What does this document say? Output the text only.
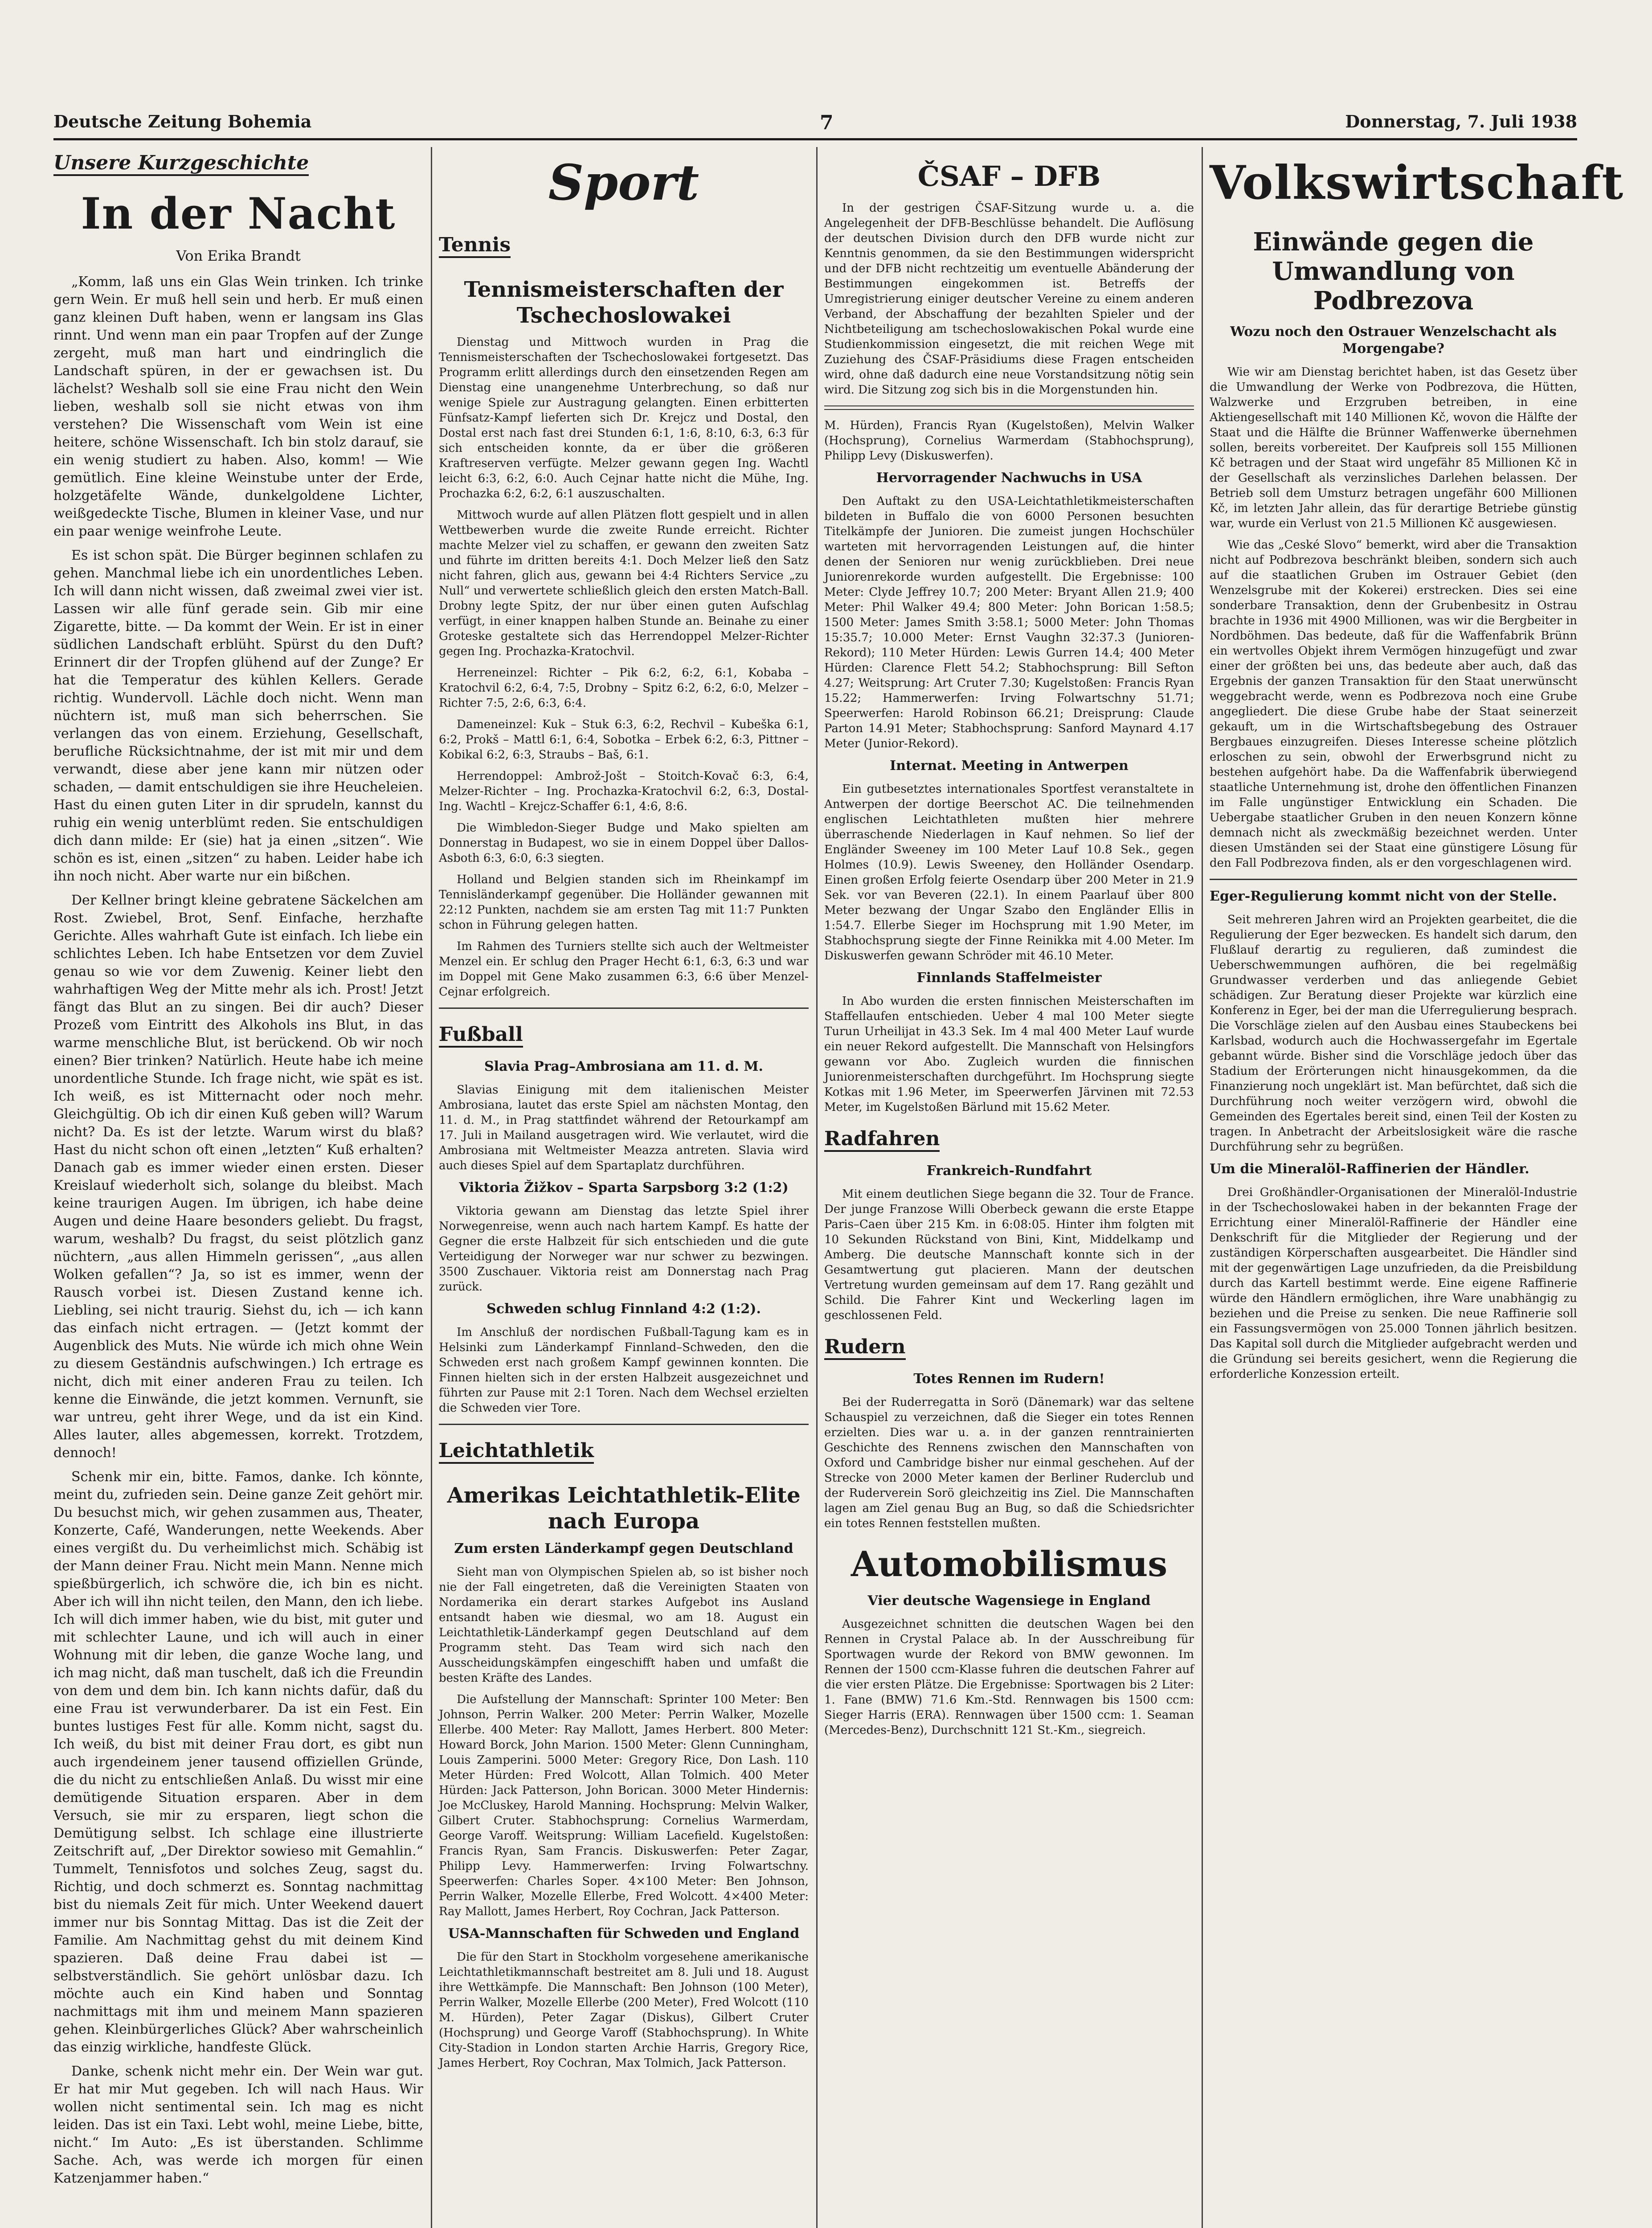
Deutsche Zeitung Bohemia	7	Donnerstag, 7. Juli 1938
Unsere Kurzgeschichte
In der Nacht
Von Erika Brandt

„Komm, laß uns ein Glas Wein trinken. Ich trinke gern Wein. Er muß hell sein und herb. Er muß einen ganz kleinen Duft haben, wenn er langsam ins Glas rinnt. Und wenn man ein paar Tropfen auf der Zunge zergeht, muß man hart und eindringlich die Landschaft spüren, in der er gewachsen ist. Du lächelst? Weshalb soll sie eine Frau nicht den Wein lieben, weshalb soll sie nicht etwas von ihm verstehen? Die Wissenschaft vom Wein ist eine heitere, schöne Wissenschaft. Ich bin stolz darauf, sie ein wenig studiert zu haben. Also, komm! — Wie gemütlich. Eine kleine Weinstube unter der Erde, holzgetäfelte Wände, dunkelgoldene Lichter, weißgedeckte Tische, Blumen in kleiner Vase, und nur ein paar wenige weinfrohe Leute.

Es ist schon spät. Die Bürger beginnen schlafen zu gehen. Manchmal liebe ich ein unordentliches Leben. Ich will dann nicht wissen, daß zweimal zwei vier ist. Lassen wir alle fünf gerade sein. Gib mir eine Zigarette, bitte. — Da kommt der Wein. Er ist in einer südlichen Landschaft erblüht. Spürst du den Duft? Erinnert dir der Tropfen glühend auf der Zunge? Er hat die Temperatur des kühlen Kellers. Gerade richtig. Wundervoll. Lächle doch nicht. Wenn man nüchtern ist, muß man sich beherrschen. Sie verlangen das von einem. Erziehung, Gesellschaft, berufliche Rücksichtnahme, der ist mit mir und dem verwandt, diese aber jene kann mir nützen oder schaden, — damit entschuldigen sie ihre Heucheleien. Hast du einen guten Liter in dir sprudeln, kannst du ruhig ein wenig unterblümt reden. Sie entschuldigen dich dann milde: Er (sie) hat ja einen „sitzen“. Wie schön es ist, einen „sitzen“ zu haben. Leider habe ich ihn noch nicht. Aber warte nur ein bißchen.

Der Kellner bringt kleine gebratene Säckelchen am Rost. Zwiebel, Brot, Senf. Einfache, herzhafte Gerichte. Alles wahrhaft Gute ist einfach. Ich liebe ein schlichtes Leben. Ich habe Entsetzen vor dem Zuviel genau so wie vor dem Zuwenig. Keiner liebt den wahrhaftigen Weg der Mitte mehr als ich. Prost! Jetzt fängt das Blut an zu singen. Bei dir auch? Dieser Prozeß vom Eintritt des Alkohols ins Blut, in das warme menschliche Blut, ist berückend. Ob wir noch einen? Bier trinken? Natürlich. Heute habe ich meine unordentliche Stunde. Ich frage nicht, wie spät es ist. Ich weiß, es ist Mitternacht oder noch mehr. Gleichgültig. Ob ich dir einen Kuß geben will? Warum nicht? Da. Es ist der letzte. Warum wirst du blaß? Hast du nicht schon oft einen „letzten“ Kuß erhalten? Danach gab es immer wieder einen ersten. Dieser Kreislauf wiederholt sich, solange du bleibst. Mach keine traurigen Augen. Im übrigen, ich habe deine Augen und deine Haare besonders geliebt. Du fragst, warum, weshalb? Du fragst, du seist plötzlich ganz nüchtern, „aus allen Himmeln gerissen“, „aus allen Wolken gefallen“? Ja, so ist es immer, wenn der Rausch vorbei ist. Diesen Zustand kenne ich. Liebling, sei nicht traurig. Siehst du, ich — ich kann das einfach nicht ertragen. — (Jetzt kommt der Augenblick des Muts. Nie würde ich mich ohne Wein zu diesem Geständnis aufschwingen.) Ich ertrage es nicht, dich mit einer anderen Frau zu teilen. Ich kenne die Einwände, die jetzt kommen. Vernunft, sie war untreu, geht ihrer Wege, und da ist ein Kind. Alles lauter, alles abgemessen, korrekt. Trotzdem, dennoch!

Schenk mir ein, bitte. Famos, danke. Ich könnte, meint du, zufrieden sein. Deine ganze Zeit gehört mir. Du besuchst mich, wir gehen zusammen aus, Theater, Konzerte, Café, Wanderungen, nette Weekends. Aber eines vergißt du. Du verheimlichst mich. Schäbig ist der Mann deiner Frau. Nicht mein Mann. Nenne mich spießbürgerlich, ich schwöre die, ich bin es nicht. Aber ich will ihn nicht teilen, den Mann, den ich liebe. Ich will dich immer haben, wie du bist, mit guter und mit schlechter Laune, und ich will auch in einer Wohnung mit dir leben, die ganze Woche lang, und ich mag nicht, daß man tuschelt, daß ich die Freundin von dem und dem bin. Ich kann nichts dafür, daß du eine Frau ist verwunderbarer. Da ist ein Fest. Ein buntes lustiges Fest für alle. Komm nicht, sagst du. Ich weiß, du bist mit deiner Frau dort, es gibt nun auch irgendeinem jener tausend offiziellen Gründe, die du nicht zu entschließen Anlaß. Du wisst mir eine demütigende Situation ersparen. Aber in dem Versuch, sie mir zu ersparen, liegt schon die Demütigung selbst. Ich schlage eine illustrierte Zeitschrift auf, „Der Direktor sowieso mit Gemahlin.“ Tummelt, Tennisfotos und solches Zeug, sagst du. Richtig, und doch schmerzt es. Sonntag nachmittag bist du niemals Zeit für mich. Unter Weekend dauert immer nur bis Sonntag Mittag. Das ist die Zeit der Familie. Am Nachmittag gehst du mit deinem Kind spazieren. Daß deine Frau dabei ist — selbstverständlich. Sie gehört unlösbar dazu. Ich möchte auch ein Kind haben und Sonntag nachmittags mit ihm und meinem Mann spazieren gehen. Kleinbürgerliches Glück? Aber wahrscheinlich das einzig wirkliche, handfeste Glück.

Danke, schenk nicht mehr ein. Der Wein war gut. Er hat mir Mut gegeben. Ich will nach Haus. Wir wollen nicht sentimental sein. Ich mag es nicht leiden. Das ist ein Taxi. Lebt wohl, meine Liebe, bitte, nicht.“ Im Auto: „Es ist überstanden. Schlimme Sache. Ach, was werde ich morgen für einen Katzenjammer haben.“

Sport
Tennis
Tennismeisterschaften der Tschechoslowakei

Dienstag und Mittwoch wurden in Prag die Tennismeisterschaften der Tschechoslowakei fortgesetzt. Das Programm erlitt allerdings durch den einsetzenden Regen am Dienstag eine unangenehme Unterbrechung, so daß nur wenige Spiele zur Austragung gelangten. Einen erbitterten Fünfsatz-Kampf lieferten sich Dr. Krejcz und Dostal, den Dostal erst nach fast drei Stunden 6:1, 1:6, 8:10, 6:3, 6:3 für sich entscheiden konnte, da er über die größeren Kraftreserven verfügte. Melzer gewann gegen Ing. Wachtl leicht 6:3, 6:2, 6:0. Auch Cejnar hatte nicht die Mühe, Ing. Prochazka 6:2, 6:2, 6:1 auszuschalten.

Mittwoch wurde auf allen Plätzen flott gespielt und in allen Wettbewerben wurde die zweite Runde erreicht. Richter machte Melzer viel zu schaffen, er gewann den zweiten Satz und führte im dritten bereits 4:1. Doch Melzer ließ den Satz nicht fahren, glich aus, gewann bei 4:4 Richters Service „zu Null“ und verwertete schließlich gleich den ersten Match-Ball. Drobny legte Spitz, der nur über einen guten Aufschlag verfügt, in einer knappen halben Stunde an. Beinahe zu einer Groteske gestaltete sich das Herrendoppel Melzer-Richter gegen Ing. Prochazka-Kratochvil.

Herreneinzel: Richter – Pik 6:2, 6:2, 6:1, Kobaba – Kratochvil 6:2, 6:4, 7:5, Drobny – Spitz 6:2, 6:2, 6:0, Melzer – Richter 7:5, 2:6, 6:3, 6:4.

Dameneinzel: Kuk – Stuk 6:3, 6:2, Rechvil – Kubeška 6:1, 6:2, Prokš – Mattl 6:1, 6:4, Sobotka – Erbek 6:2, 6:3, Pittner – Kobikal 6:2, 6:3, Straubs – Baš, 6:1.

Herrendoppel: Ambrož-Jošt – Stoitch-Kovač 6:3, 6:4, Melzer-Richter – Ing. Prochazka-Kratochvil 6:2, 6:3, Dostal-Ing. Wachtl – Krejcz-Schaffer 6:1, 4:6, 8:6.

Die Wimbledon-Sieger Budge und Mako spielten am Donnerstag in Budapest, wo sie in einem Doppel über Dallos-Asboth 6:3, 6:0, 6:3 siegten.

Holland und Belgien standen sich im Rheinkampf im Tennisländerkampf gegenüber. Die Holländer gewannen mit 22:12 Punkten, nachdem sie am ersten Tag mit 11:7 Punkten schon in Führung gelegen hatten.

Im Rahmen des Turniers stellte sich auch der Weltmeister Menzel ein. Er schlug den Prager Hecht 6:1, 6:3, 6:3 und war im Doppel mit Gene Mako zusammen 6:3, 6:6 über Menzel-Cejnar erfolgreich.

Fußball
Slavia Prag–Ambrosiana am 11. d. M.

Slavias Einigung mit dem italienischen Meister Ambrosiana, lautet das erste Spiel am nächsten Montag, den 11. d. M., in Prag stattfindet während der Retourkampf am 17. Juli in Mailand ausgetragen wird. Wie verlautet, wird die Ambrosiana mit Weltmeister Meazza antreten. Slavia wird auch dieses Spiel auf dem Spartaplatz durchführen.

Viktoria Žižkov – Sparta Sarpsborg 3:2 (1:2)

Viktoria gewann am Dienstag das letzte Spiel ihrer Norwegenreise, wenn auch nach hartem Kampf. Es hatte der Gegner die erste Halbzeit für sich entschieden und die gute Verteidigung der Norweger war nur schwer zu bezwingen. 3500 Zuschauer. Viktoria reist am Donnerstag nach Prag zurück.

Schweden schlug Finnland 4:2 (1:2).

Im Anschluß der nordischen Fußball-Tagung kam es in Helsinki zum Länderkampf Finnland–Schweden, den die Schweden erst nach großem Kampf gewinnen konnten. Die Finnen hielten sich in der ersten Halbzeit ausgezeichnet und führten zur Pause mit 2:1 Toren. Nach dem Wechsel erzielten die Schweden vier Tore.

Leichtathletik
Amerikas Leichtathletik-Elite nach Europa
Zum ersten Länderkampf gegen Deutschland

Sieht man von Olympischen Spielen ab, so ist bisher noch nie der Fall eingetreten, daß die Vereinigten Staaten von Nordamerika ein derart starkes Aufgebot ins Ausland entsandt haben wie diesmal, wo am 18. August ein Leichtathletik-Länderkampf gegen Deutschland auf dem Programm steht. Das Team wird sich nach den Ausscheidungskämpfen eingeschifft haben und umfaßt die besten Kräfte des Landes.

Die Aufstellung der Mannschaft: Sprinter 100 Meter: Ben Johnson, Perrin Walker. 200 Meter: Perrin Walker, Mozelle Ellerbe. 400 Meter: Ray Mallott, James Herbert. 800 Meter: Howard Borck, John Marion. 1500 Meter: Glenn Cunningham, Louis Zamperini. 5000 Meter: Gregory Rice, Don Lash. 110 Meter Hürden: Fred Wolcott, Allan Tolmich. 400 Meter Hürden: Jack Patterson, John Borican. 3000 Meter Hindernis: Joe McCluskey, Harold Manning. Hochsprung: Melvin Walker, Gilbert Cruter. Stabhochsprung: Cornelius Warmerdam, George Varoff. Weitsprung: William Lacefield. Kugelstoßen: Francis Ryan, Sam Francis. Diskuswerfen: Peter Zagar, Philipp Levy. Hammerwerfen: Irving Folwartschny. Speerwerfen: Charles Soper. 4×100 Meter: Ben Johnson, Perrin Walker, Mozelle Ellerbe, Fred Wolcott. 4×400 Meter: Ray Mallott, James Herbert, Roy Cochran, Jack Patterson.

USA-Mannschaften für Schweden und England

Die für den Start in Stockholm vorgesehene amerikanische Leichtathletikmannschaft bestreitet am 8. Juli und 18. August ihre Wettkämpfe. Die Mannschaft: Ben Johnson (100 Meter), Perrin Walker, Mozelle Ellerbe (200 Meter), Fred Wolcott (110 M. Hürden), Peter Zagar (Diskus), Gilbert Cruter (Hochsprung) und George Varoff (Stabhochsprung). In White City-Stadion in London starten Archie Harris, Gregory Rice, James Herbert, Roy Cochran, Max Tolmich, Jack Patterson.

ČSAF – DFB

In der gestrigen ČSAF-Sitzung wurde u. a. die Angelegenheit der DFB-Beschlüsse behandelt. Die Auflösung der deutschen Division durch den DFB wurde nicht zur Kenntnis genommen, da sie den Bestimmungen widerspricht und der DFB nicht rechtzeitig um eventuelle Abänderung der Bestimmungen eingekommen ist. Betreffs der Umregistrierung einiger deutscher Vereine zu einem anderen Verband, der Abschaffung der bezahlten Spieler und der Nichtbeteiligung am tschechoslowakischen Pokal wurde eine Studienkommission eingesetzt, die mit reichen Wege mit Zuziehung des ČSAF-Präsidiums diese Fragen entscheiden wird, ohne daß dadurch eine neue Vorstandsitzung nötig sein wird. Die Sitzung zog sich bis in die Morgenstunden hin.

M. Hürden), Francis Ryan (Kugelstoßen), Melvin Walker (Hochsprung), Cornelius Warmerdam (Stabhochsprung), Philipp Levy (Diskuswerfen).

Hervorragender Nachwuchs in USA

Den Auftakt zu den USA-Leichtathletikmeisterschaften bildeten in Buffalo die von 6000 Personen besuchten Titelkämpfe der Junioren. Die zumeist jungen Hochschüler warteten mit hervorragenden Leistungen auf, die hinter denen der Senioren nur wenig zurückblieben. Drei neue Juniorenrekorde wurden aufgestellt. Die Ergebnisse: 100 Meter: Clyde Jeffrey 10.7; 200 Meter: Bryant Allen 21.9; 400 Meter: Phil Walker 49.4; 800 Meter: John Borican 1:58.5; 1500 Meter: James Smith 3:58.1; 5000 Meter: John Thomas 15:35.7; 10.000 Meter: Ernst Vaughn 32:37.3 (Junioren-Rekord); 110 Meter Hürden: Lewis Gurren 14.4; 400 Meter Hürden: Clarence Flett 54.2; Stabhochsprung: Bill Sefton 4.27; Weitsprung: Art Cruter 7.30; Kugelstoßen: Francis Ryan 15.22; Hammerwerfen: Irving Folwartschny 51.71; Speerwerfen: Harold Robinson 66.21; Dreisprung: Claude Parton 14.91 Meter; Stabhochsprung: Sanford Maynard 4.17 Meter (Junior-Rekord).

Internat. Meeting in Antwerpen

Ein gutbesetztes internationales Sportfest veranstaltete in Antwerpen der dortige Beerschot AC. Die teilnehmenden englischen Leichtathleten mußten hier mehrere überraschende Niederlagen in Kauf nehmen. So lief der Engländer Sweeney im 100 Meter Lauf 10.8 Sek., gegen Holmes (10.9). Lewis Sweeney, den Holländer Osendarp. Einen großen Erfolg feierte Osendarp über 200 Meter in 21.9 Sek. vor van Beveren (22.1). In einem Paarlauf über 800 Meter bezwang der Ungar Szabo den Engländer Ellis in 1:54.7. Ellerbe Sieger im Hochsprung mit 1.90 Meter, im Stabhochsprung siegte der Finne Reinikka mit 4.00 Meter. Im Diskuswerfen gewann Schröder mit 46.10 Meter.

Finnlands Staffelmeister

In Abo wurden die ersten finnischen Meisterschaften im Staffellaufen entschieden. Ueber 4 mal 100 Meter siegte Turun Urheilijat in 43.3 Sek. Im 4 mal 400 Meter Lauf wurde ein neuer Rekord aufgestellt. Die Mannschaft von Helsingfors gewann vor Abo. Zugleich wurden die finnischen Juniorenmeisterschaften durchgeführt. Im Hochsprung siegte Kotkas mit 1.96 Meter, im Speerwerfen Järvinen mit 72.53 Meter, im Kugelstoßen Bärlund mit 15.62 Meter.

Radfahren
Frankreich-Rundfahrt

Mit einem deutlichen Siege begann die 32. Tour de France. Der junge Franzose Willi Oberbeck gewann die erste Etappe Paris–Caen über 215 Km. in 6:08:05. Hinter ihm folgten mit 10 Sekunden Rückstand von Bini, Kint, Middelkamp und Amberg. Die deutsche Mannschaft konnte sich in der Gesamtwertung gut placieren. Mann der deutschen Vertretung wurden gemeinsam auf dem 17. Rang gezählt und Schild. Die Fahrer Kint und Weckerling lagen im geschlossenen Feld.

Rudern
Totes Rennen im Rudern!

Bei der Ruderregatta in Sorö (Dänemark) war das seltene Schauspiel zu verzeichnen, daß die Sieger ein totes Rennen erzielten. Dies war u. a. in der ganzen renntrainierten Geschichte des Rennens zwischen den Mannschaften von Oxford und Cambridge bisher nur einmal geschehen. Auf der Strecke von 2000 Meter kamen der Berliner Ruderclub und der Ruderverein Sorö gleichzeitig ins Ziel. Die Mannschaften lagen am Ziel genau Bug an Bug, so daß die Schiedsrichter ein totes Rennen feststellen mußten.

Automobilismus
Vier deutsche Wagensiege in England

Ausgezeichnet schnitten die deutschen Wagen bei den Rennen in Crystal Palace ab. In der Ausschreibung für Sportwagen wurde der Rekord von BMW gewonnen. Im Rennen der 1500 ccm-Klasse fuhren die deutschen Fahrer auf die vier ersten Plätze. Die Ergebnisse: Sportwagen bis 2 Liter: 1. Fane (BMW) 71.6 Km.-Std. Rennwagen bis 1500 ccm: Sieger Harris (ERA). Rennwagen über 1500 ccm: 1. Seaman (Mercedes-Benz), Durchschnitt 121 St.-Km., siegreich.

Volkswirtschaft
Einwände gegen die Umwandlung von Podbrezova
Wozu noch den Ostrauer Wenzelschacht als Morgengabe?

Wie wir am Dienstag berichtet haben, ist das Gesetz über die Umwandlung der Werke von Podbrezova, die Hütten, Walzwerke und Erzgruben betreiben, in eine Aktiengesellschaft mit 140 Millionen Kč, wovon die Hälfte der Staat und die Hälfte die Brünner Waffenwerke übernehmen sollen, bereits vorbereitet. Der Kaufpreis soll 155 Millionen Kč betragen und der Staat wird ungefähr 85 Millionen Kč in der Gesellschaft als verzinsliches Darlehen belassen. Der Betrieb soll dem Umsturz betragen ungefähr 600 Millionen Kč, im letzten Jahr allein, das für derartige Betriebe günstig war, wurde ein Verlust von 21.5 Millionen Kč ausgewiesen.

Wie das „Ceské Slovo“ bemerkt, wird aber die Transaktion nicht auf Podbrezova beschränkt bleiben, sondern sich auch auf die staatlichen Gruben im Ostrauer Gebiet (den Wenzelsgrube mit der Kokerei) erstrecken. Dies sei eine sonderbare Transaktion, denn der Grubenbesitz in Ostrau brachte in 1936 mit 4900 Millionen, was wir die Bergbeiter in Nordböhmen. Das bedeute, daß für die Waffenfabrik Brünn ein wertvolles Objekt ihrem Vermögen hinzugefügt und zwar einer der größten bei uns, das bedeute aber auch, daß das Ergebnis der ganzen Transaktion für den Staat unerwünscht weggebracht werde, wenn es Podbrezova noch eine Grube angegliedert. Die diese Grube habe der Staat seinerzeit gekauft, um in die Wirtschaftsbegebung des Ostrauer Bergbaues einzugreifen. Dieses Interesse scheine plötzlich erloschen zu sein, obwohl der Erwerbsgrund nicht zu bestehen aufgehört habe. Da die Waffenfabrik überwiegend staatliche Unternehmung ist, drohe den öffentlichen Finanzen im Falle ungünstiger Entwicklung ein Schaden. Die Uebergabe staatlicher Gruben in den neuen Konzern könne demnach nicht als zweckmäßig bezeichnet werden. Unter diesen Umständen sei der Staat eine günstigere Lösung für den Fall Podbrezova finden, als er den vorgeschlagenen wird.

Eger-Regulierung kommt nicht von der Stelle.

Seit mehreren Jahren wird an Projekten gearbeitet, die die Regulierung der Eger bezwecken. Es handelt sich darum, den Flußlauf derartig zu regulieren, daß zumindest die Ueberschwemmungen aufhören, die bei regelmäßig Grundwasser verderben und das anliegende Gebiet schädigen. Zur Beratung dieser Projekte war kürzlich eine Konferenz in Eger, bei der man die Uferregulierung besprach. Die Vorschläge zielen auf den Ausbau eines Staubeckens bei Karlsbad, wodurch auch die Hochwassergefahr im Egertale gebannt würde. Bisher sind die Vorschläge jedoch über das Stadium der Erörterungen nicht hinausgekommen, da die Finanzierung noch ungeklärt ist. Man befürchtet, daß sich die Durchführung noch weiter verzögern wird, obwohl die Gemeinden des Egertales bereit sind, einen Teil der Kosten zu tragen. In Anbetracht der Arbeitslosigkeit wäre die rasche Durchführung sehr zu begrüßen.

Um die Mineralöl-Raffinerien der Händler.

Drei Großhändler-Organisationen der Mineralöl-Industrie in der Tschechoslowakei haben in der bekannten Frage der Errichtung einer Mineralöl-Raffinerie der Händler eine Denkschrift für die Mitglieder der Regierung und der zuständigen Körperschaften ausgearbeitet. Die Händler sind mit der gegenwärtigen Lage unzufrieden, da die Preisbildung durch das Kartell bestimmt werde. Eine eigene Raffinerie würde den Händlern ermöglichen, ihre Ware unabhängig zu beziehen und die Preise zu senken. Die neue Raffinerie soll ein Fassungsvermögen von 25.000 Tonnen jährlich besitzen. Das Kapital soll durch die Mitglieder aufgebracht werden und die Gründung sei bereits gesichert, wenn die Regierung die erforderliche Konzession erteilt.
